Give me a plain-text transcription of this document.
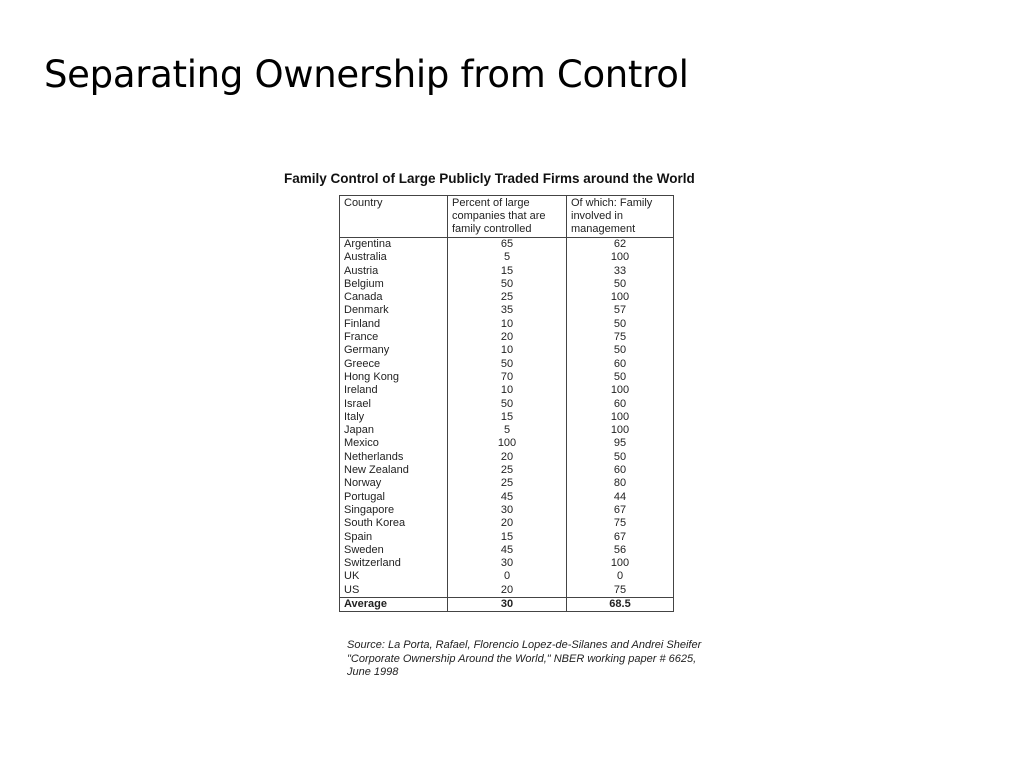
Separating Ownership from Control
Family Control of Large Publicly Traded Firms around the World
Country	Percent of large companies that are family controlled	Of which: Family involved in management
Argentina	65	62
Australia	5	100
Austria	15	33
Belgium	50	50
Canada	25	100
Denmark	35	57
Finland	10	50
France	20	75
Germany	10	50
Greece	50	60
Hong Kong	70	50
Ireland	10	100
Israel	50	60
Italy	15	100
Japan	5	100
Mexico	100	95
Netherlands	20	50
New Zealand	25	60
Norway	25	80
Portugal	45	44
Singapore	30	67
South Korea	20	75
Spain	15	67
Sweden	45	56
Switzerland	30	100
UK	0	0
US	20	75
Average	30	68.5
Source: La Porta, Rafael, Florencio Lopez-de-Silanes and Andrei Sheifer "Corporate Ownership Around the World," NBER working paper # 6625, June 1998
